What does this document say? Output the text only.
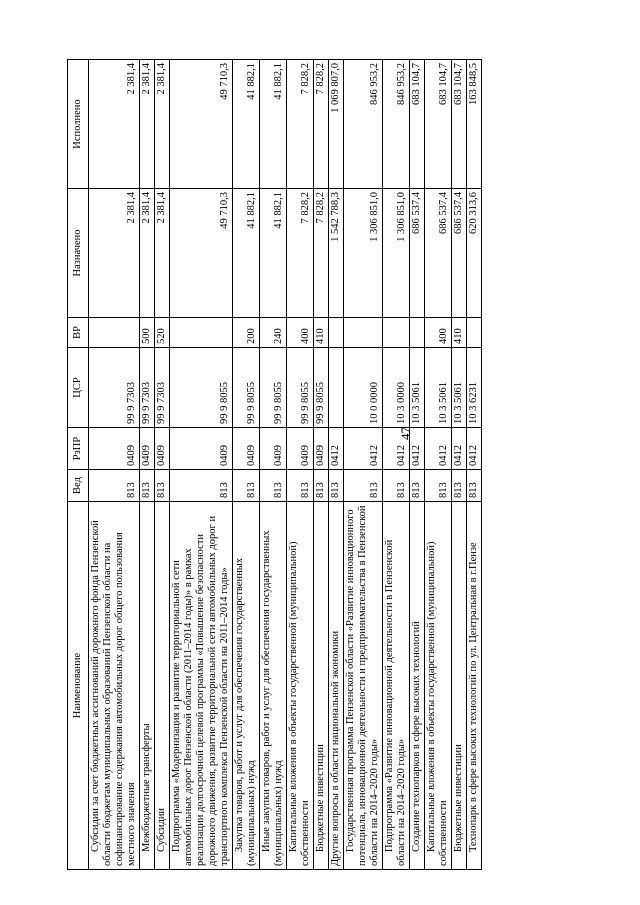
47
Наименование	Вед	РзПР	ЦСР	ВР	Назначено	Исполнено
Субсидии за счет бюджетных ассигнований дорожного фонда Пензенской области бюджетам муниципальных образований Пензенской области на софинансирование содержания автомобильных дорог общего пользования местного значения	813	0409	99 9 7303		2 381,4	2 381,4
Межбюджетные трансферты	813	0409	99 9 7303	500	2 381,4	2 381,4
Субсидии	813	0409	99 9 7303	520	2 381,4	2 381,4
Подпрограмма «Модернизация и развитие территориальной сети автомобильных дорог Пензенской области (2011–2014 годы)» в рамках реализации долгосрочной целевой программы «Повышение безопасности дорожного движения, развитие территориальной сети автомобильных дорог и транспортного комплекса Пензенской области на 2011–2014 годы»	813	0409	99 9 8055		49 710,3	49 710,3
Закупка товаров, работ и услуг для обеспечения государственных (муниципальных) нужд	813	0409	99 9 8055	200	41 882,1	41 882,1
Иные закупки товаров, работ и услуг для обеспечения государственных (муниципальных) нужд	813	0409	99 9 8055	240	41 882,1	41 882,1
Капитальные вложения в объекты государственной (муниципальной) собственности	813	0409	99 9 8055	400	7 828,2	7 828,2
Бюджетные инвестиции	813	0409	99 9 8055	410	7 828,2	7 828,2
Другие вопросы в области национальной экономики	813	0412			1 542 788,3	1 069 807,0
Государственная программа Пензенской области «Развитие инновационного потенциала, инновационной деятельности и предпринимательства в Пензенской области на 2014–2020 годы»	813	0412	10 0 0000		1 306 851,0	846 953,2
Подпрограмма «Развитие инновационной деятельности в Пензенской области на 2014–2020 годы»	813	0412	10 3 0000		1 306 851,0	846 953,2
Создание технопарков в сфере высоких технологий	813	0412	10 3 5061		686 537,4	683 104,7
Капитальные вложения в объекты государственной (муниципальной) собственности	813	0412	10 3 5061	400	686 537,4	683 104,7
Бюджетные инвестиции	813	0412	10 3 5061	410	686 537,4	683 104,7
Технопарк в сфере высоких технологий по ул. Центральная в г.Пензе	813	0412	10 3 6231		620 313,6	163 848,5
